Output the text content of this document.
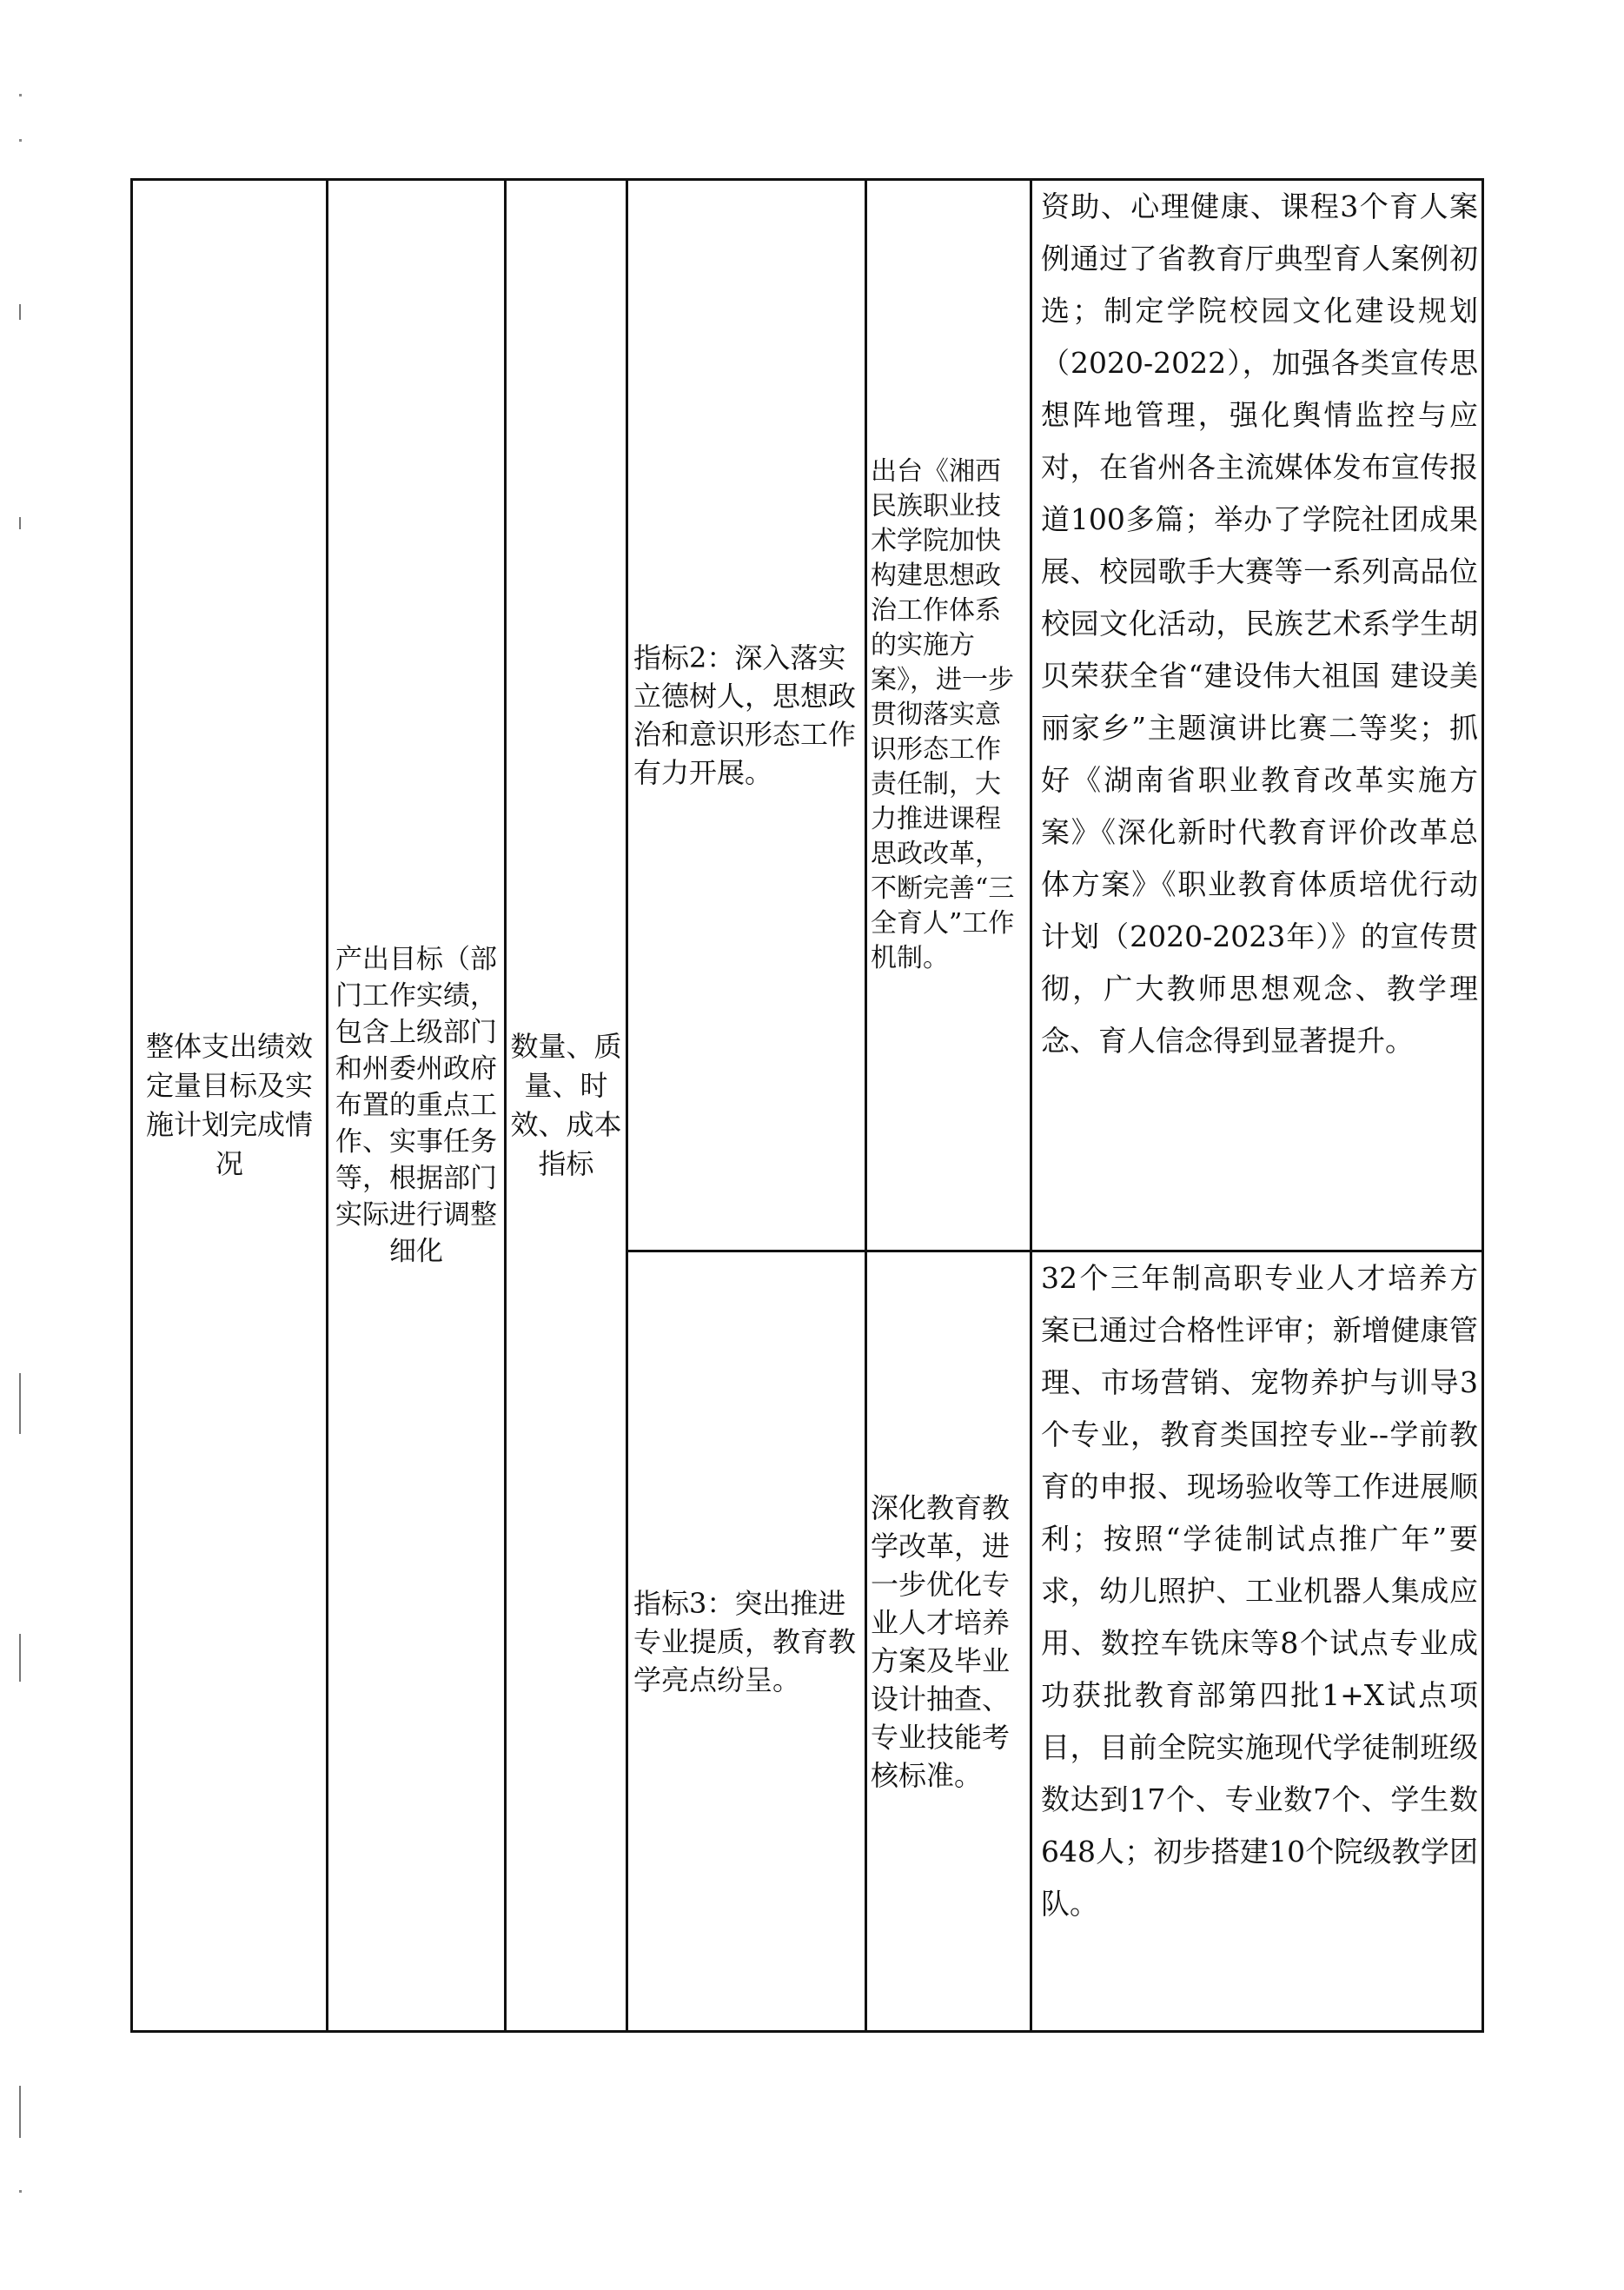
整体支出绩效定量目标及实施计划完成情况	产出目标（部门工作实绩，包含上级部门和州委州政府布置的重点工作、实事任务等，根据部门实际进行调整细化	数量、质量、时效、成本指标	指标2：深入落实立德树人，思想政治和意识形态工作有力开展。	出台《湘西民族职业技术学院加快构建思想政治工作体系的实施方案》，进一步贯彻落实意识形态工作责任制，大力推进课程思政改革，不断完善“三全育人”工作机制。	资助、心理健康、课程3个育人案例通过了省教育厅典型育人案例初选；制定学院校园文化建设规划（2020-2022），加强各类宣传思想阵地管理，强化舆情监控与应对，在省州各主流媒体发布宣传报道100多篇；举办了学院社团成果展、校园歌手大赛等一系列高品位校园文化活动，民族艺术系学生胡贝荣获全省“建设伟大祖国 建设美丽家乡”主题演讲比赛二等奖；抓好《湖南省职业教育改革实施方案》《深化新时代教育评价改革总体方案》《职业教育体质培优行动计划（2020-2023年）》的宣传贯彻，广大教师思想观念、教学理念、育人信念得到显著提升。

			指标3：突出推进专业提质，教育教学亮点纷呈。	深化教育教学改革，进一步优化专业人才培养方案及毕业设计抽查、专业技能考核标准。	32个三年制高职专业人才培养方案已通过合格性评审；新增健康管理、市场营销、宠物养护与训导3个专业，教育类国控专业--学前教育的申报、现场验收等工作进展顺利；按照“学徒制试点推广年”要求，幼儿照护、工业机器人集成应用、数控车铣床等8个试点专业成功获批教育部第四批1+X试点项目，目前全院实施现代学徒制班级数达到17个、专业数7个、学生数648人；初步搭建10个院级教学团队。
